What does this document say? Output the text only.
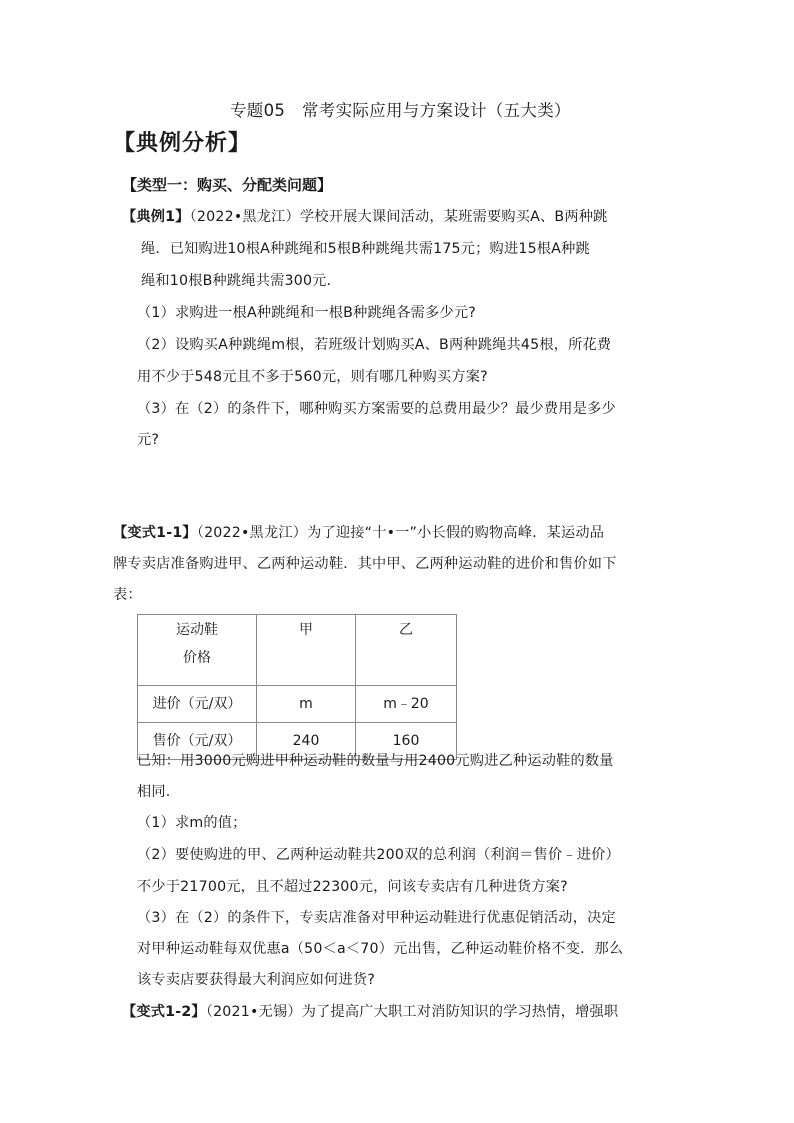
专题05　常考实际应用与方案设计（五大类）
【典例分析】
【类型一：购买、分配类问题】
【典例1】（2022•黑龙江）学校开展大课间活动，某班需要购买A、B两种跳
绳．已知购进10根A种跳绳和5根B种跳绳共需175元；购进15根A种跳
绳和10根B种跳绳共需300元.
（1）求购进一根A种跳绳和一根B种跳绳各需多少元?
（2）设购买A种跳绳m根，若班级计划购买A、B两种跳绳共45根，所花费
用不少于548元且不多于560元，则有哪几种购买方案?
（3）在（2）的条件下，哪种购买方案需要的总费用最少？最少费用是多少
元?
【变式1-1】（2022•黑龙江）为了迎接“十•一”小长假的购物高峰．某运动品
牌专卖店准备购进甲、乙两种运动鞋．其中甲、乙两种运动鞋的进价和售价如下
表：
运动鞋
价格	甲	乙
进价（元/双）	m	m﹣20
售价（元/双）	240	160
已知：用3000元购进甲种运动鞋的数量与用2400元购进乙种运动鞋的数量
相同.
（1）求m的值；
（2）要使购进的甲、乙两种运动鞋共200双的总利润（利润＝售价﹣进价）
不少于21700元，且不超过22300元，问该专卖店有几种进货方案?
（3）在（2）的条件下，专卖店准备对甲种运动鞋进行优惠促销活动，决定
对甲种运动鞋每双优惠a（50＜a＜70）元出售，乙种运动鞋价格不变．那么
该专卖店要获得最大利润应如何进货?
【变式1-2】（2021•无锡）为了提高广大职工对消防知识的学习热情，增强职
